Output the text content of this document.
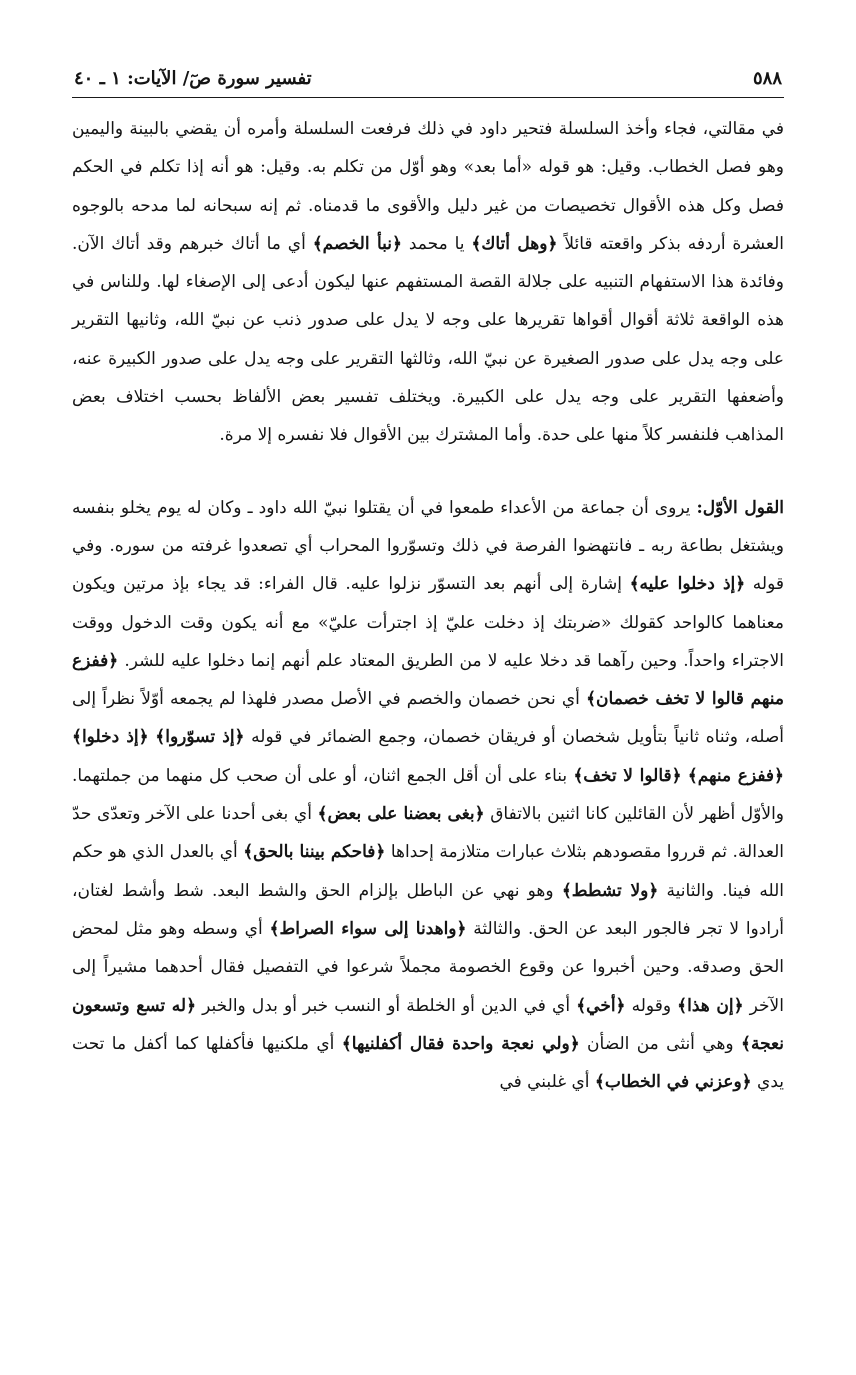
٥٨٨
تفسير سورة صٓ/ الآيات: ١ ـ ٤٠

في مقالتي، فجاء وأخذ السلسلة فتحير داود في ذلك فرفعت السلسلة وأمره أن يقضي بالبينة واليمين وهو فصل الخطاب. وقيل: هو قوله «أما بعد» وهو أوّل من تكلم به. وقيل: هو أنه إذا تكلم في الحكم فصل وكل هذه الأقوال تخصيصات من غير دليل والأقوى ما قدمناه. ثم إنه سبحانه لما مدحه بالوجوه العشرة أردفه بذكر واقعته قائلاً ﴿وهل أتاك﴾ يا محمد ﴿نبأ الخصم﴾ أي ما أتاك خبرهم وقد أتاك الآن. وفائدة هذا الاستفهام التنبيه على جلالة القصة المستفهم عنها ليكون أدعى إلى الإصغاء لها. وللناس في هذه الواقعة ثلاثة أقوال أقواها تقريرها على وجه لا يدل على صدور ذنب عن نبيّ الله، وثانيها التقرير على وجه يدل على صدور الصغيرة عن نبيّ الله، وثالثها التقرير على وجه يدل على صدور الكبيرة عنه، وأضعفها التقرير على وجه يدل على الكبيرة. ويختلف تفسير بعض الألفاظ بحسب اختلاف بعض المذاهب فلنفسر كلاً منها على حدة. وأما المشترك بين الأقوال فلا نفسره إلا مرة.

القول الأوّل: يروى أن جماعة من الأعداء طمعوا في أن يقتلوا نبيّ الله داود ـ وكان له يوم يخلو بنفسه ويشتغل بطاعة ربه ـ فانتهضوا الفرصة في ذلك وتسوّروا المحراب أي تصعدوا غرفته من سوره. وفي قوله ﴿إذ دخلوا عليه﴾ إشارة إلى أنهم بعد التسوّر نزلوا عليه. قال الفراء: قد يجاء بإذ مرتين ويكون معناهما كالواحد كقولك «ضربتك إذ دخلت عليّ إذ اجترأت عليّ» مع أنه يكون وقت الدخول ووقت الاجتراء واحداً. وحين رآهما قد دخلا عليه لا من الطريق المعتاد علم أنهم إنما دخلوا عليه للشر. ﴿ففزع منهم قالوا لا تخف خصمان﴾ أي نحن خصمان والخصم في الأصل مصدر فلهذا لم يجمعه أوّلاً نظراً إلى أصله، وثناه ثانياً بتأويل شخصان أو فريقان خصمان، وجمع الضمائر في قوله ﴿إذ تسوّروا﴾ ﴿إذ دخلوا﴾ ﴿ففزع منهم﴾ ﴿قالوا لا تخف﴾ بناء على أن أقل الجمع اثنان، أو على أن صحب كل منهما من جملتهما. والأوّل أظهر لأن القائلين كانا اثنين بالاتفاق ﴿بغى بعضنا على بعض﴾ أي بغى أحدنا على الآخر وتعدّى حدّ العدالة. ثم قرروا مقصودهم بثلاث عبارات متلازمة إحداها ﴿فاحكم بيننا بالحق﴾ أي بالعدل الذي هو حكم الله فينا. والثانية ﴿ولا تشطط﴾ وهو نهي عن الباطل بإلزام الحق والشط البعد. شط وأشط لغتان، أرادوا لا تجر فالجور البعد عن الحق. والثالثة ﴿واهدنا إلى سواء الصراط﴾ أي وسطه وهو مثل لمحض الحق وصدقه. وحين أخبروا عن وقوع الخصومة مجملاً شرعوا في التفصيل فقال أحدهما مشيراً إلى الآخر ﴿إن هذا﴾ وقوله ﴿أخي﴾ أي في الدين أو الخلطة أو النسب خبر أو بدل والخبر ﴿له تسع وتسعون نعجة﴾ وهي أنثى من الضأن ﴿ولي نعجة واحدة فقال أكفلنيها﴾ أي ملكنيها فأكفلها كما أكفل ما تحت يدي ﴿وعزني في الخطاب﴾ أي غلبني في
